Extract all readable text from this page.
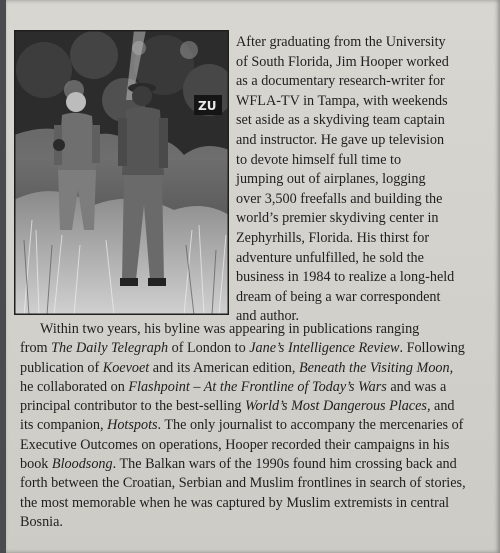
ZU
After graduating from the University
of South Florida, Jim Hooper worked
as a documentary research-writer for
WFLA-TV in Tampa, with weekends
set aside as a skydiving team captain
and instructor. He gave up television
to devote himself full time to
jumping out of airplanes, logging
over 3,500 freefalls and building the
world’s premier skydiving center in
Zephyrhills, Florida. His thirst for
adventure unfulfilled, he sold the
business in 1984 to realize a long-held
dream of being a war correspondent
and author.
Within two years, his byline was appearing in publications ranging
from The Daily Telegraph of London to Jane’s Intelligence Review. Following
publication of Koevoet and its American edition, Beneath the Visiting Moon,
he collaborated on Flashpoint – At the Frontline of Today’s Wars and was a
principal contributor to the best-selling World’s Most Dangerous Places, and
its companion, Hotspots. The only journalist to accompany the mercenaries of
Executive Outcomes on operations, Hooper recorded their campaigns in his
book Bloodsong. The Balkan wars of the 1990s found him crossing back and
forth between the Croatian, Serbian and Muslim frontlines in search of stories,
the most memorable when he was captured by Muslim extremists in central
Bosnia.
